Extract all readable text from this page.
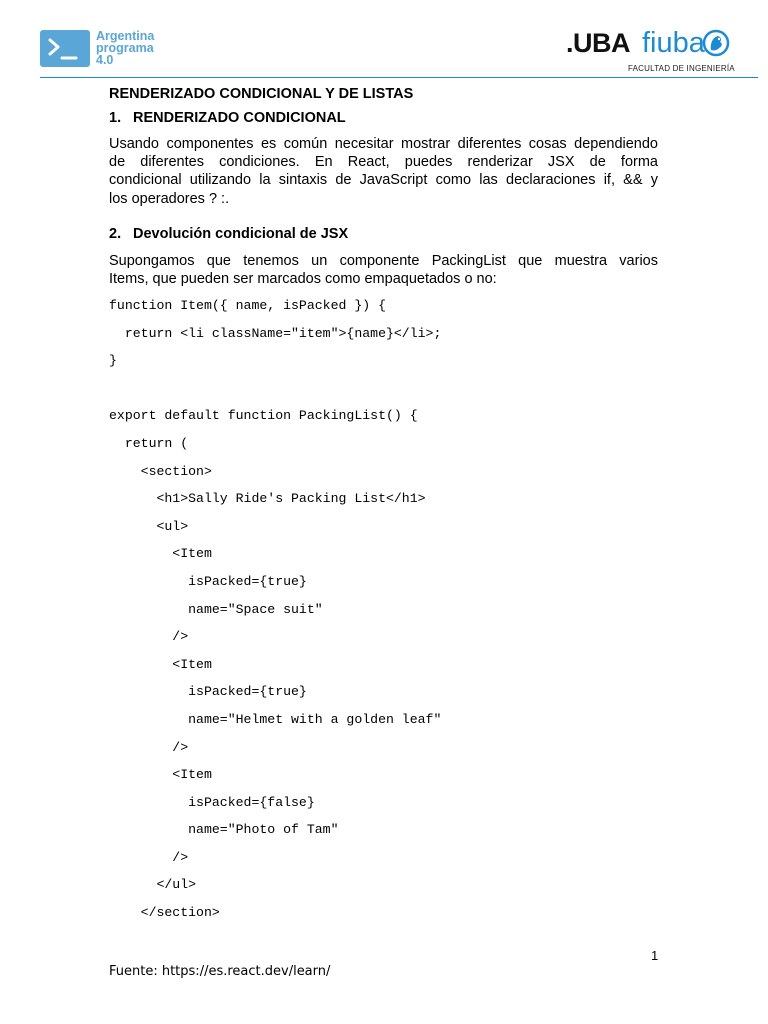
Argentina
programa
4.0
.UBA fiuba
FACULTAD DE INGENIERÍA
RENDERIZADO CONDICIONAL Y DE LISTAS
1. RENDERIZADO CONDICIONAL
Usando componentes es común necesitar mostrar diferentes cosas dependiendo
de diferentes condiciones. En React, puedes renderizar JSX de forma
condicional utilizando la sintaxis de JavaScript como las declaraciones if, && y
los operadores ? :.
2. Devolución condicional de JSX
Supongamos que tenemos un componente PackingList que muestra varios
Items, que pueden ser marcados como empaquetados o no:
function Item({ name, isPacked }) {
return <li className="item">{name}</li>;
}
export default function PackingList() {
return (
<section>
<h1>Sally Ride's Packing List</h1>
<ul>
<Item
isPacked={true}
name="Space suit"
/>
<Item
isPacked={true}
name="Helmet with a golden leaf"
/>
<Item
isPacked={false}
name="Photo of Tam"
/>
</ul>
</section>
1
Fuente: https://es.react.dev/learn/
